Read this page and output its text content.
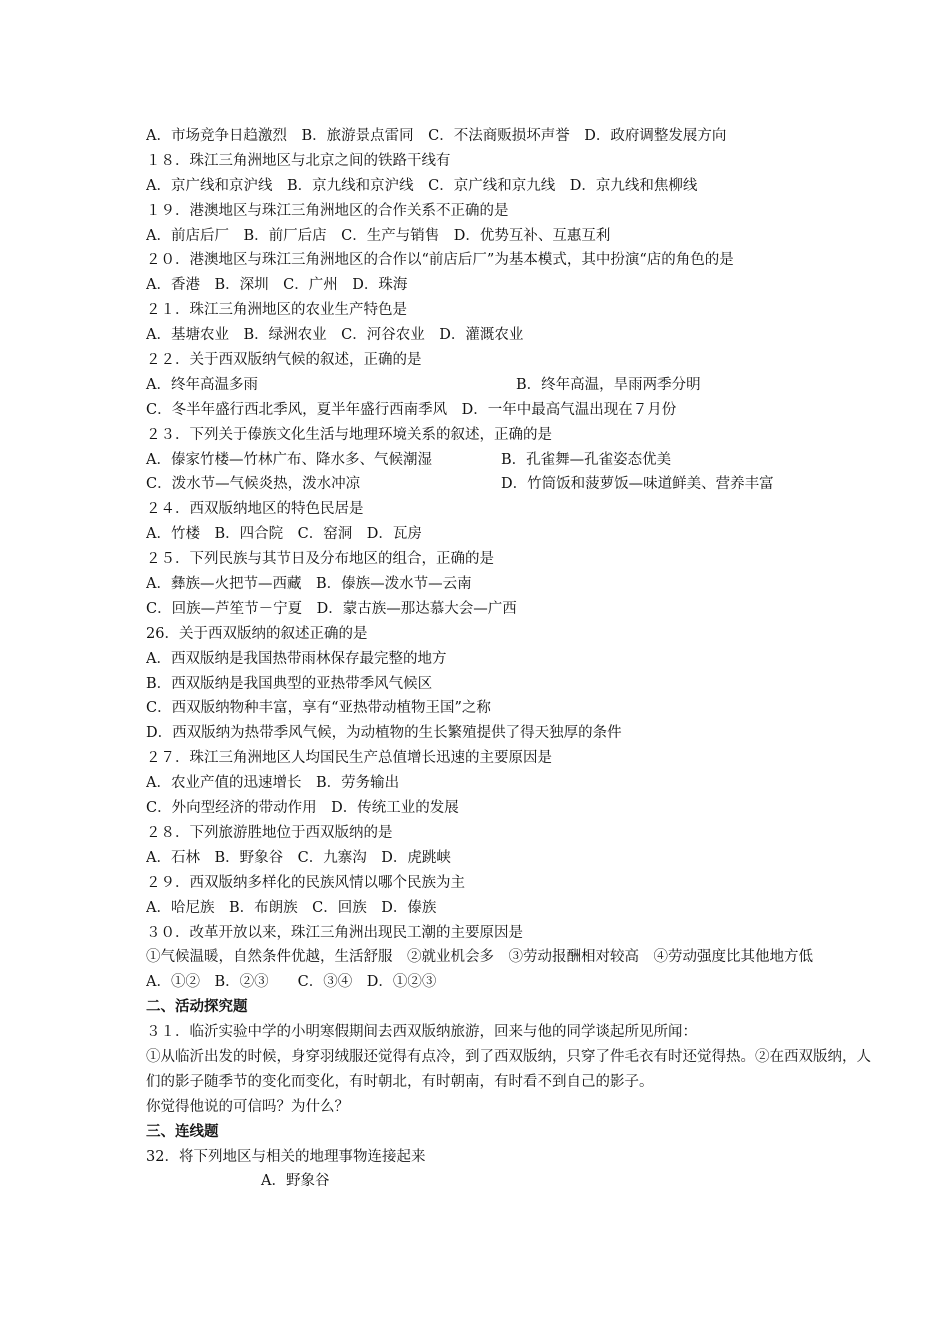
A．市场竞争日趋激烈　B．旅游景点雷同　C．不法商贩损坏声誉　D．政府调整发展方向
１８．珠江三角洲地区与北京之间的铁路干线有
A．京广线和京沪线　B．京九线和京沪线　C．京广线和京九线　D．京九线和焦柳线
１９．港澳地区与珠江三角洲地区的合作关系不正确的是
A．前店后厂　B．前厂后店　C．生产与销售　D．优势互补、互惠互利
２０．港澳地区与珠江三角洲地区的合作以“前店后厂”为基本模式，其中扮演“店的角色的是
A．香港　B．深圳　C．广州　D．珠海
２１．珠江三角洲地区的农业生产特色是
A．基塘农业　B．绿洲农业　C．河谷农业　D．灌溉农业
２２．关于西双版纳气候的叙述，正确的是
A．终年高温多雨	B．终年高温，旱雨两季分明
C．冬半年盛行西北季风，夏半年盛行西南季风　D．一年中最高气温出现在７月份
２３．下列关于傣族文化生活与地理环境关系的叙述，正确的是
A．傣家竹楼—竹林广布、降水多、气候潮湿	B．孔雀舞—孔雀姿态优美
C．泼水节—气候炎热，泼水冲凉	D．竹筒饭和菠萝饭—味道鲜美、营养丰富
２４．西双版纳地区的特色民居是
A．竹楼　B．四合院　C．窑洞　D．瓦房
２５．下列民族与其节日及分布地区的组合，正确的是
A．彝族—火把节—西藏　B．傣族—泼水节—云南
C．回族—芦笙节－宁夏　D．蒙古族—那达慕大会—广西
26．关于西双版纳的叙述正确的是
A．西双版纳是我国热带雨林保存最完整的地方
B．西双版纳是我国典型的亚热带季风气候区
C．西双版纳物种丰富，享有“亚热带动植物王国”之称
D．西双版纳为热带季风气候，为动植物的生长繁殖提供了得天独厚的条件
２７．珠江三角洲地区人均国民生产总值增长迅速的主要原因是
A．农业产值的迅速增长　B．劳务输出
C．外向型经济的带动作用　D．传统工业的发展
２８．下列旅游胜地位于西双版纳的是
A．石林　B．野象谷　C．九寨沟　D．虎跳峡
２９．西双版纳多样化的民族风情以哪个民族为主
A．哈尼族　B．布朗族　C．回族　D．傣族
３０．改革开放以来，珠江三角洲出现民工潮的主要原因是
①气候温暖，自然条件优越，生活舒服　②就业机会多　③劳动报酬相对较高　④劳动强度比其他地方低
A．①②　B．②③　　C．③④　D．①②③
二、活动探究题
３１．临沂实验中学的小明寒假期间去西双版纳旅游，回来与他的同学谈起所见所闻：
①从临沂出发的时候，身穿羽绒服还觉得有点冷，到了西双版纳，只穿了件毛衣有时还觉得热。②在西双版纳，人们的影子随季节的变化而变化，有时朝北，有时朝南，有时看不到自己的影子。
你觉得他说的可信吗？为什么？
三、连线题
32．将下列地区与相关的地理事物连接起来
A．野象谷
